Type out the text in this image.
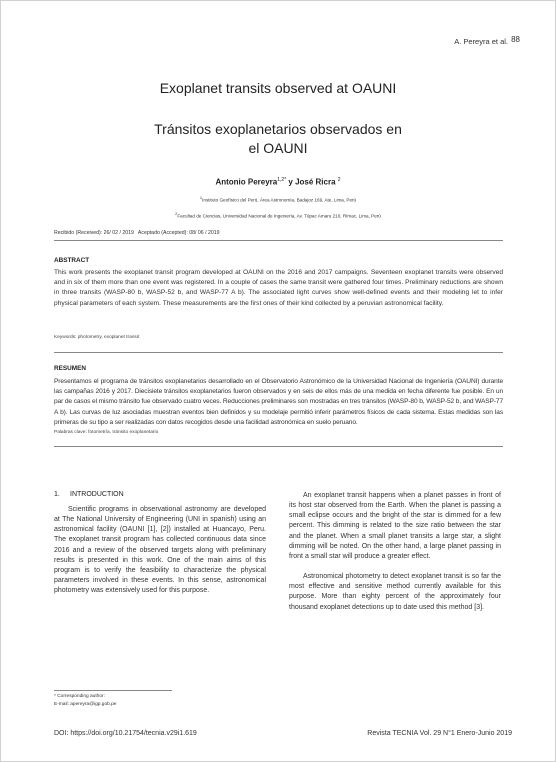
A. Pereyra et al. 88
Exoplanet transits observed at OAUNI
Tránsitos exoplanetarios observados en
el OAUNI
Antonio Pereyra$^{1,2*}$ y José Ricra $^2$
$^1$Instituto Geofísico del Perú, Área Astronomía, Badajoz 169, Ate, Lima, Perú
$^2$Facultad de Ciencias, Universidad Nacional de Ingeniería, Av. Túpac Amaru 210, Rímac, Lima, Perú
Recibido (Received): 26/ 02 / 2019   Aceptado (Accepted): 08/ 06 / 2019
ABSTRACT
This work presents the exoplanet transit program developed at OAUNI on the 2016 and 2017 campaigns. Seventeen exoplanet transits were observed and in six of them more than one event was registered. In a couple of cases the same transit were gathered four times. Preliminary reductions are shown in three transits (WASP-80 b, WASP-52 b, and WASP-77 A b). The associated light curves show well-defined events and their modeling let to infer physical parameters of each system. These measurements are the first ones of their kind collected by a peruvian astronomical facility.
Keywords: photometry, exoplanet transit
RESUMEN
Presentamos el programa de tránsitos exoplanetarios desarrollado en el Observatorio Astronómico de la Universidad Nacional de Ingeniería (OAUNI) durante las campañas 2016 y 2017. Diecisiete tránsitos exoplanetarios fueron observados y en seis de ellos más de una medida en fecha diferente fue posible. En un par de casos el mismo tránsito fue observado cuatro veces. Reducciones preliminares son mostradas en tres tránsitos (WASP-80 b, WASP-52 b, and WASP-77 A b). Las curvas de luz asociadas muestran eventos bien definidos y su modelaje permitió inferir parámetros físicos de cada sistema. Estas medidas son las primeras de su tipo a ser realizadas con datos recogidos desde una facilidad astronómica en suelo peruano.
Palabras clave: fotometría, tránsito exoplanetario
1. INTRODUCTION

Scientific programs in observational astronomy are developed at The National University of Engineering (UNI in spanish) using an astronomical facility (OAUNI [1], [2]) installed at Huancayo, Peru. The exoplanet transit program has collected continuous data since 2016 and a review of the observed targets along with preliminary results is presented in this work. One of the main aims of this program is to verify the feasibility to characterize the physical parameters involved in these events. In this sense, astronomical photometry was extensively used for this purpose.

An exoplanet transit happens when a planet passes in front of its host star observed from the Earth. When the planet is passing a small eclipse occurs and the bright of the star is dimmed for a few percent. This dimming is related to the size ratio between the star and the planet. When a small planet transits a large star, a slight dimming will be noted. On the other hand, a large planet passing in front a small star will produce a greater effect.

Astronomical photometry to detect exoplanet transit is so far the most effective and sensitive method currently available for this purpose. More than eighty percent of the approximately four thousand exoplanet detections up to date used this method [3].

* Corresponding author:
E-mail: apereyra@igp.gob.pe
DOI: https://doi.org/10.21754/tecnia.v29i1.619	Revista TECNIA Vol. 29 N°1 Enero-Junio 2019
